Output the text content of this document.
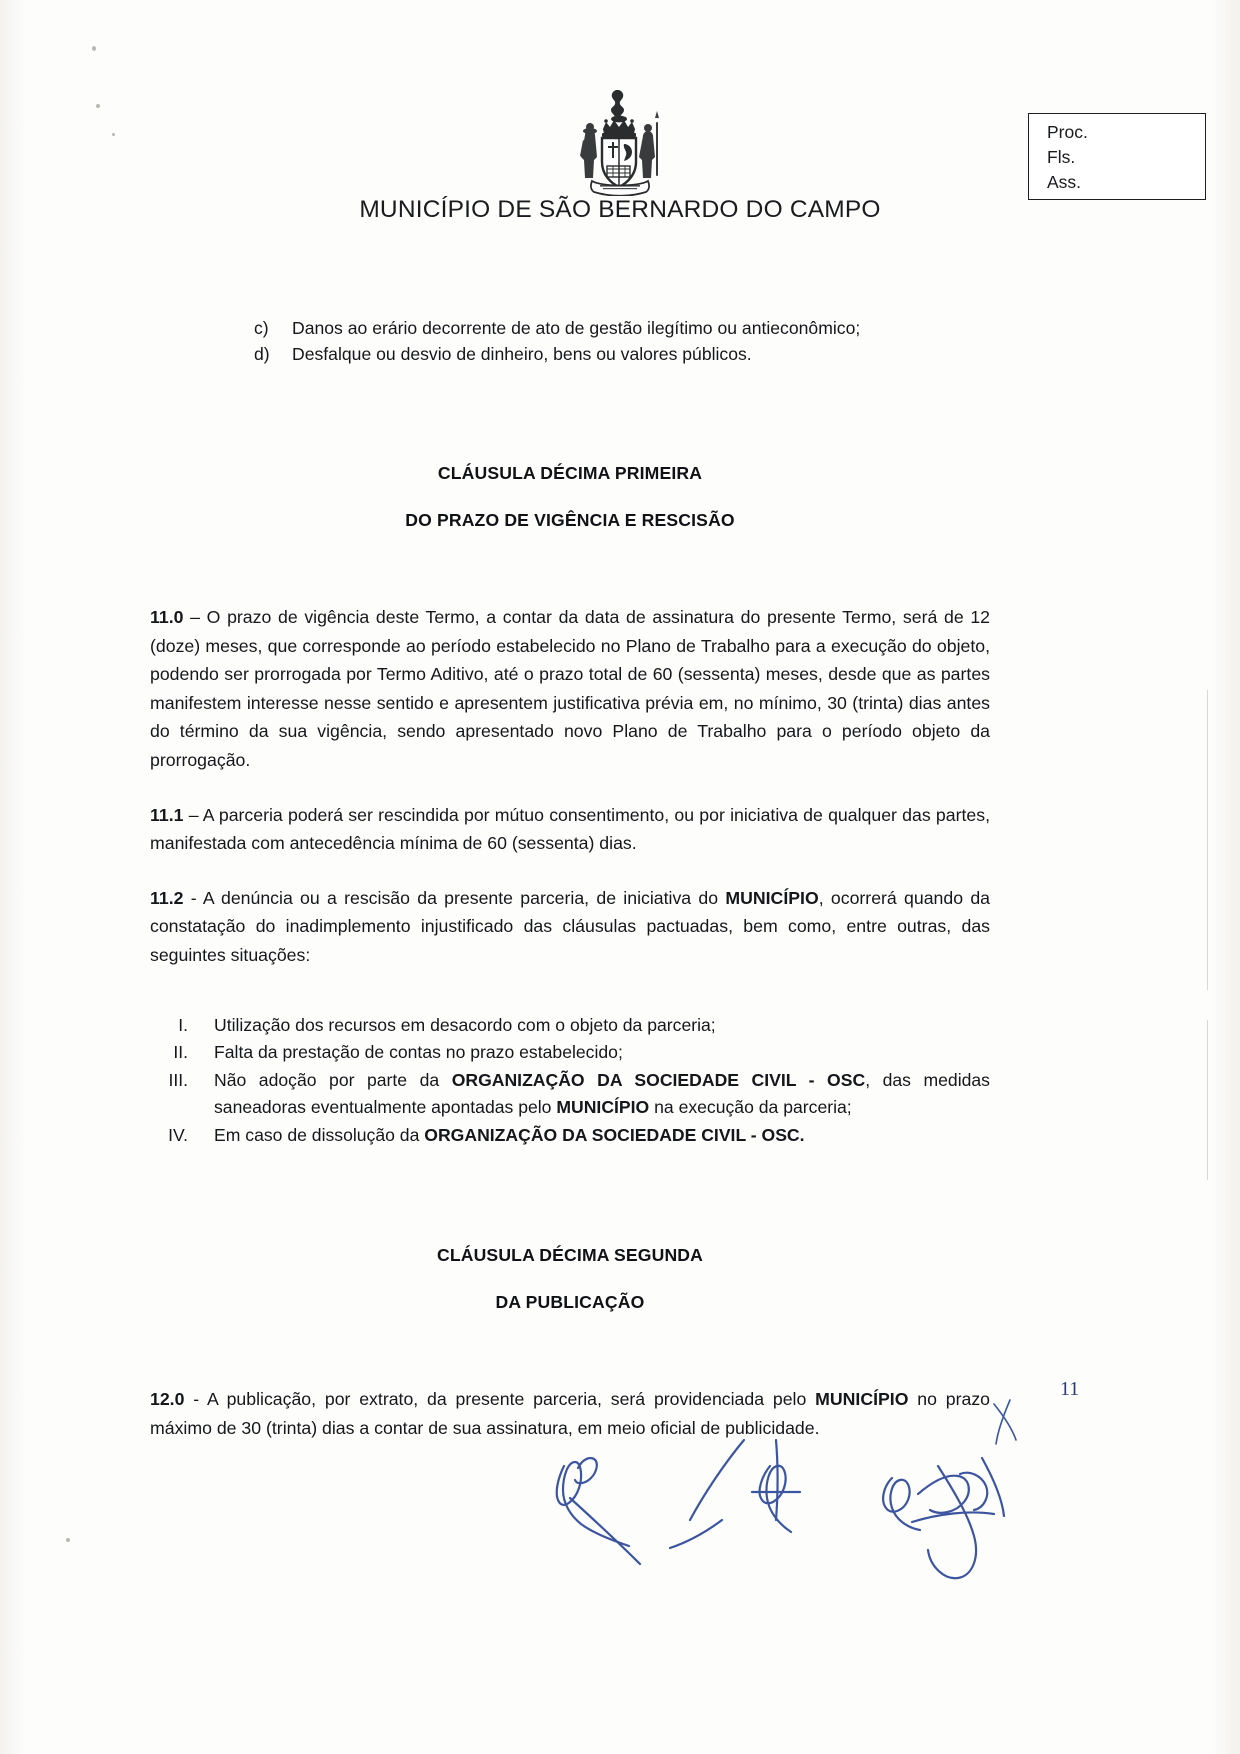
MUNICÍPIO DE SÃO BERNARDO DO CAMPO
Proc.
Fls.
Ass.
c)	Danos ao erário decorrente de ato de gestão ilegítimo ou antieconômico;
d)	Desfalque ou desvio de dinheiro, bens ou valores públicos.
CLÁUSULA DÉCIMA PRIMEIRA
DO PRAZO DE VIGÊNCIA E RESCISÃO

11.0 – O prazo de vigência deste Termo, a contar da data de assinatura do presente Termo, será de 12 (doze) meses, que corresponde ao período estabelecido no Plano de Trabalho para a execução do objeto, podendo ser prorrogada por Termo Aditivo, até o prazo total de 60 (sessenta) meses, desde que as partes manifestem interesse nesse sentido e apresentem justificativa prévia em, no mínimo, 30 (trinta) dias antes do término da sua vigência, sendo apresentado novo Plano de Trabalho para o período objeto da prorrogação.

11.1 – A parceria poderá ser rescindida por mútuo consentimento, ou por iniciativa de qualquer das partes, manifestada com antecedência mínima de 60 (sessenta) dias.

11.2 - A denúncia ou a rescisão da presente parceria, de iniciativa do MUNICÍPIO, ocorrerá quando da constatação do inadimplemento injustificado das cláusulas pactuadas, bem como, entre outras, das seguintes situações:

I.	Utilização dos recursos em desacordo com o objeto da parceria;
II.	Falta da prestação de contas no prazo estabelecido;
III.	Não adoção por parte da ORGANIZAÇÃO DA SOCIEDADE CIVIL - OSC, das medidas saneadoras eventualmente apontadas pelo MUNICÍPIO na execução da parceria;
IV.	Em caso de dissolução da ORGANIZAÇÃO DA SOCIEDADE CIVIL - OSC.
CLÁUSULA DÉCIMA SEGUNDA
DA PUBLICAÇÃO

12.0 - A publicação, por extrato, da presente parceria, será providenciada pelo MUNICÍPIO no prazo máximo de 30 (trinta) dias a contar de sua assinatura, em meio oficial de publicidade.

11
